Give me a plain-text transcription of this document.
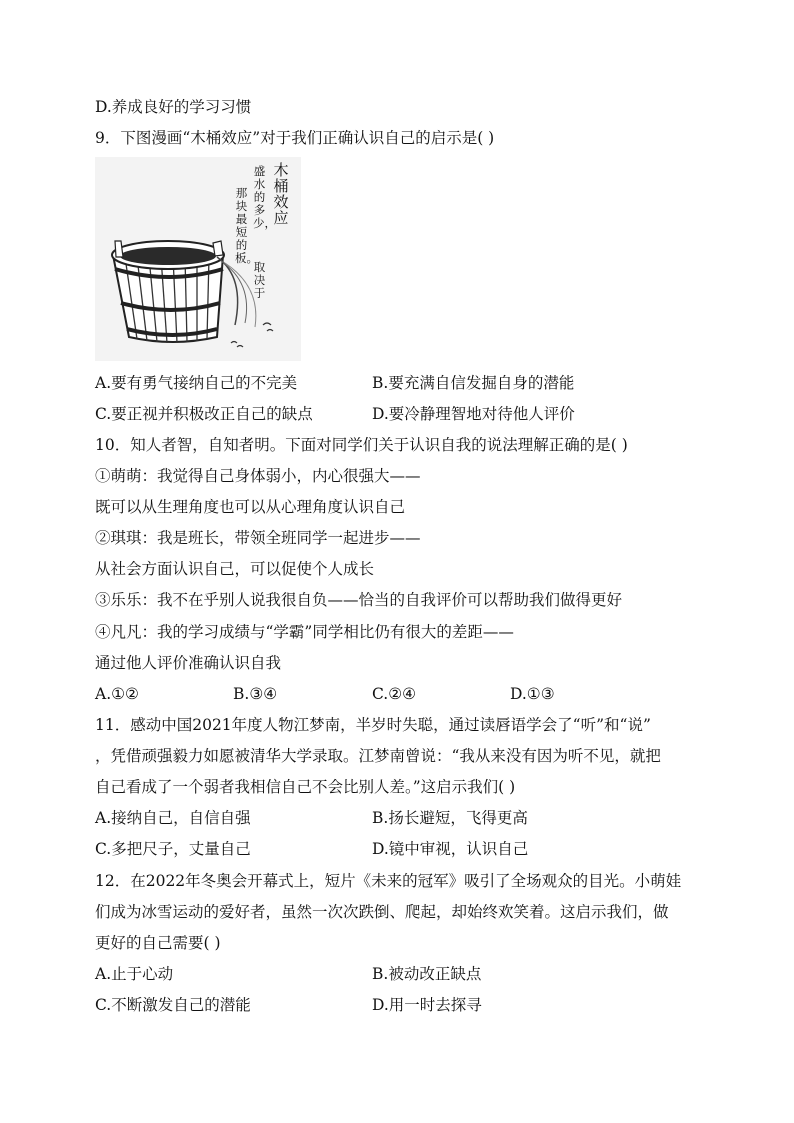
D.养成良好的学习习惯
9．下图漫画“木桶效应”对于我们正确认识自己的启示是( )
木桶效应
盛水的多少，
那块最短的板。
取决于
A.要有勇气接纳自己的不完美	B.要充满自信发掘自身的潜能
C.要正视并积极改正自己的缺点	D.要冷静理智地对待他人评价
10．知人者智，自知者明。下面对同学们关于认识自我的说法理解正确的是( )
①萌萌：我觉得自己身体弱小，内心很强大——
既可以从生理角度也可以从心理角度认识自己
②琪琪：我是班长，带领全班同学一起进步——
从社会方面认识自己，可以促使个人成长
③乐乐：我不在乎别人说我很自负——恰当的自我评价可以帮助我们做得更好
④凡凡：我的学习成绩与“学霸”同学相比仍有很大的差距——
通过他人评价准确认识自我
A.①②	B.③④	C.②④	D.①③
11．感动中国2021年度人物江梦南，半岁时失聪，通过读唇语学会了“听”和“说”
，凭借顽强毅力如愿被清华大学录取。江梦南曾说：“我从来没有因为听不见，就把
自己看成了一个弱者我相信自己不会比别人差。”这启示我们( )
A.接纳自己，自信自强	B.扬长避短，飞得更高
C.多把尺子，丈量自己	D.镜中审视，认识自己
12．在2022年冬奥会开幕式上，短片《未来的冠军》吸引了全场观众的目光。小萌娃
们成为冰雪运动的爱好者，虽然一次次跌倒、爬起，却始终欢笑着。这启示我们，做
更好的自己需要( )
A.止于心动	B.被动改正缺点
C.不断激发自己的潜能	D.用一时去探寻
